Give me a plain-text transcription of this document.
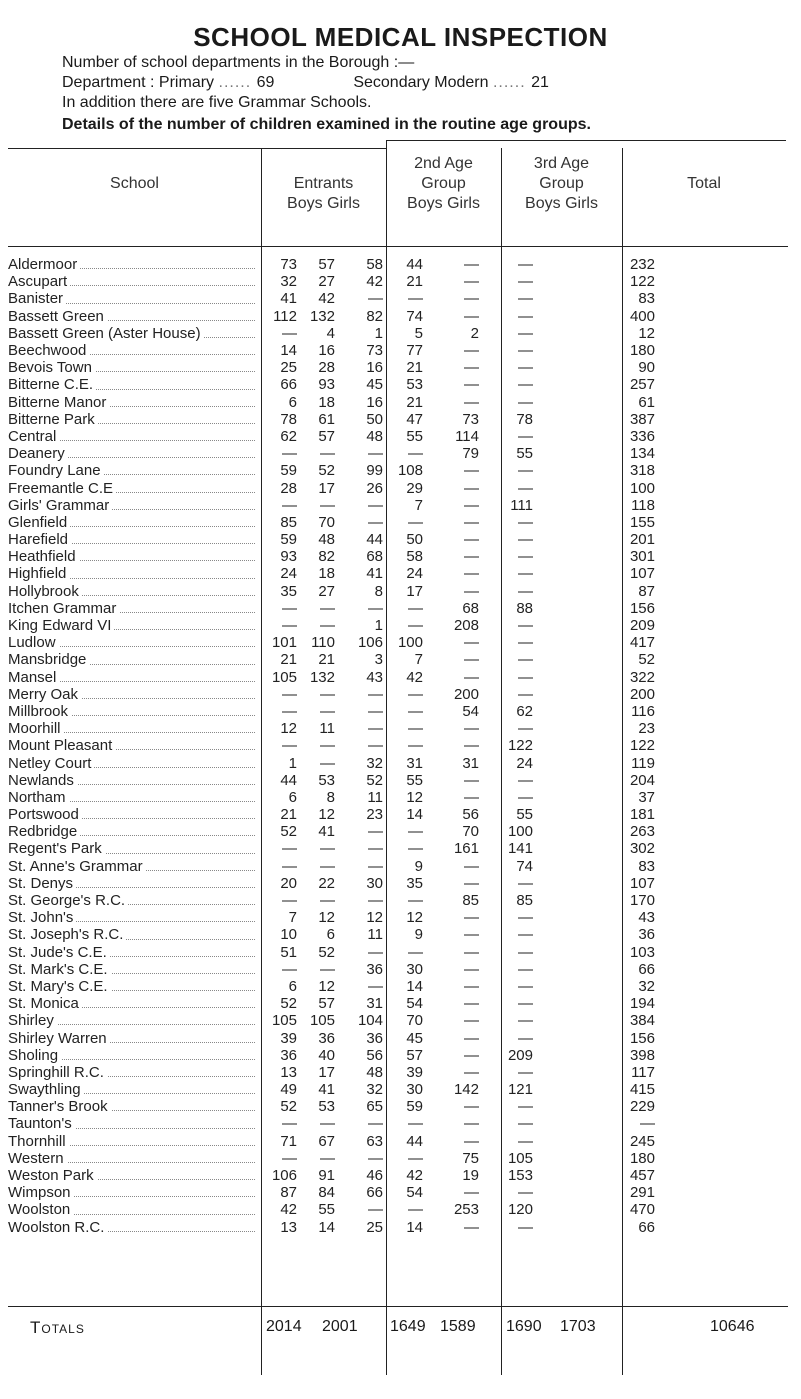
SCHOOL MEDICAL INSPECTION
Number of school departments in the Borough :—
Department : Primary ...... 69	Secondary Modern ...... 21
In addition there are five Grammar Schools.
Details of the number of children examined in the routine age groups.
School	Entrants
Boys Girls
2nd Age
Group
Boys Girls
3rd Age
Group
Boys Girls
Total
Aldermoor	73	57	58	44	—	—	232
Ascupart	32	27	42	21	—	—	122
Banister	41	42	—	—	—	—	83
Bassett Green	112	132	82	74	—	—	400
Bassett Green (Aster House)	—	4	1	5	2	—	12
Beechwood	14	16	73	77	—	—	180
Bevois Town	25	28	16	21	—	—	90
Bitterne C.E.	66	93	45	53	—	—	257
Bitterne Manor	6	18	16	21	—	—	61
Bitterne Park	78	61	50	47	73	78	387
Central	62	57	48	55	114	—	336
Deanery	—	—	—	—	79	55	134
Foundry Lane	59	52	99	108	—	—	318
Freemantle C.E	28	17	26	29	—	—	100
Girls' Grammar	—	—	—	7	—	111	118
Glenfield	85	70	—	—	—	—	155
Harefield	59	48	44	50	—	—	201
Heathfield	93	82	68	58	—	—	301
Highfield	24	18	41	24	—	—	107
Hollybrook	35	27	8	17	—	—	87
Itchen Grammar	—	—	—	—	68	88	156
King Edward VI	—	—	1	—	208	—	209
Ludlow	101	110	106	100	—	—	417
Mansbridge	21	21	3	7	—	—	52
Mansel	105	132	43	42	—	—	322
Merry Oak	—	—	—	—	200	—	200
Millbrook	—	—	—	—	54	62	116
Moorhill	12	11	—	—	—	—	23
Mount Pleasant	—	—	—	—	—	122	122
Netley Court	1	—	32	31	31	24	119
Newlands	44	53	52	55	—	—	204
Northam	6	8	11	12	—	—	37
Portswood	21	12	23	14	56	55	181
Redbridge	52	41	—	—	70	100	263
Regent's Park	—	—	—	—	161	141	302
St. Anne's Grammar	—	—	—	9	—	74	83
St. Denys	20	22	30	35	—	—	107
St. George's R.C.	—	—	—	—	85	85	170
St. John's	7	12	12	12	—	—	43
St. Joseph's R.C.	10	6	11	9	—	—	36
St. Jude's C.E.	51	52	—	—	—	—	103
St. Mark's C.E.	—	—	36	30	—	—	66
St. Mary's C.E.	6	12	—	14	—	—	32
St. Monica	52	57	31	54	—	—	194
Shirley	105	105	104	70	—	—	384
Shirley Warren	39	36	36	45	—	—	156
Sholing	36	40	56	57	—	209	398
Springhill R.C.	13	17	48	39	—	—	117
Swaythling	49	41	32	30	142	121	415
Tanner's Brook	52	53	65	59	—	—	229
Taunton's	—	—	—	—	—	—	—
Thornhill	71	67	63	44	—	—	245
Western	—	—	—	—	75	105	180
Weston Park	106	91	46	42	19	153	457
Wimpson	87	84	66	54	—	—	291
Woolston	42	55	—	—	253	120	470
Woolston R.C.	13	14	25	14	—	—	66
Totals	2014 2001 1649 1589 1690 1703	10646
